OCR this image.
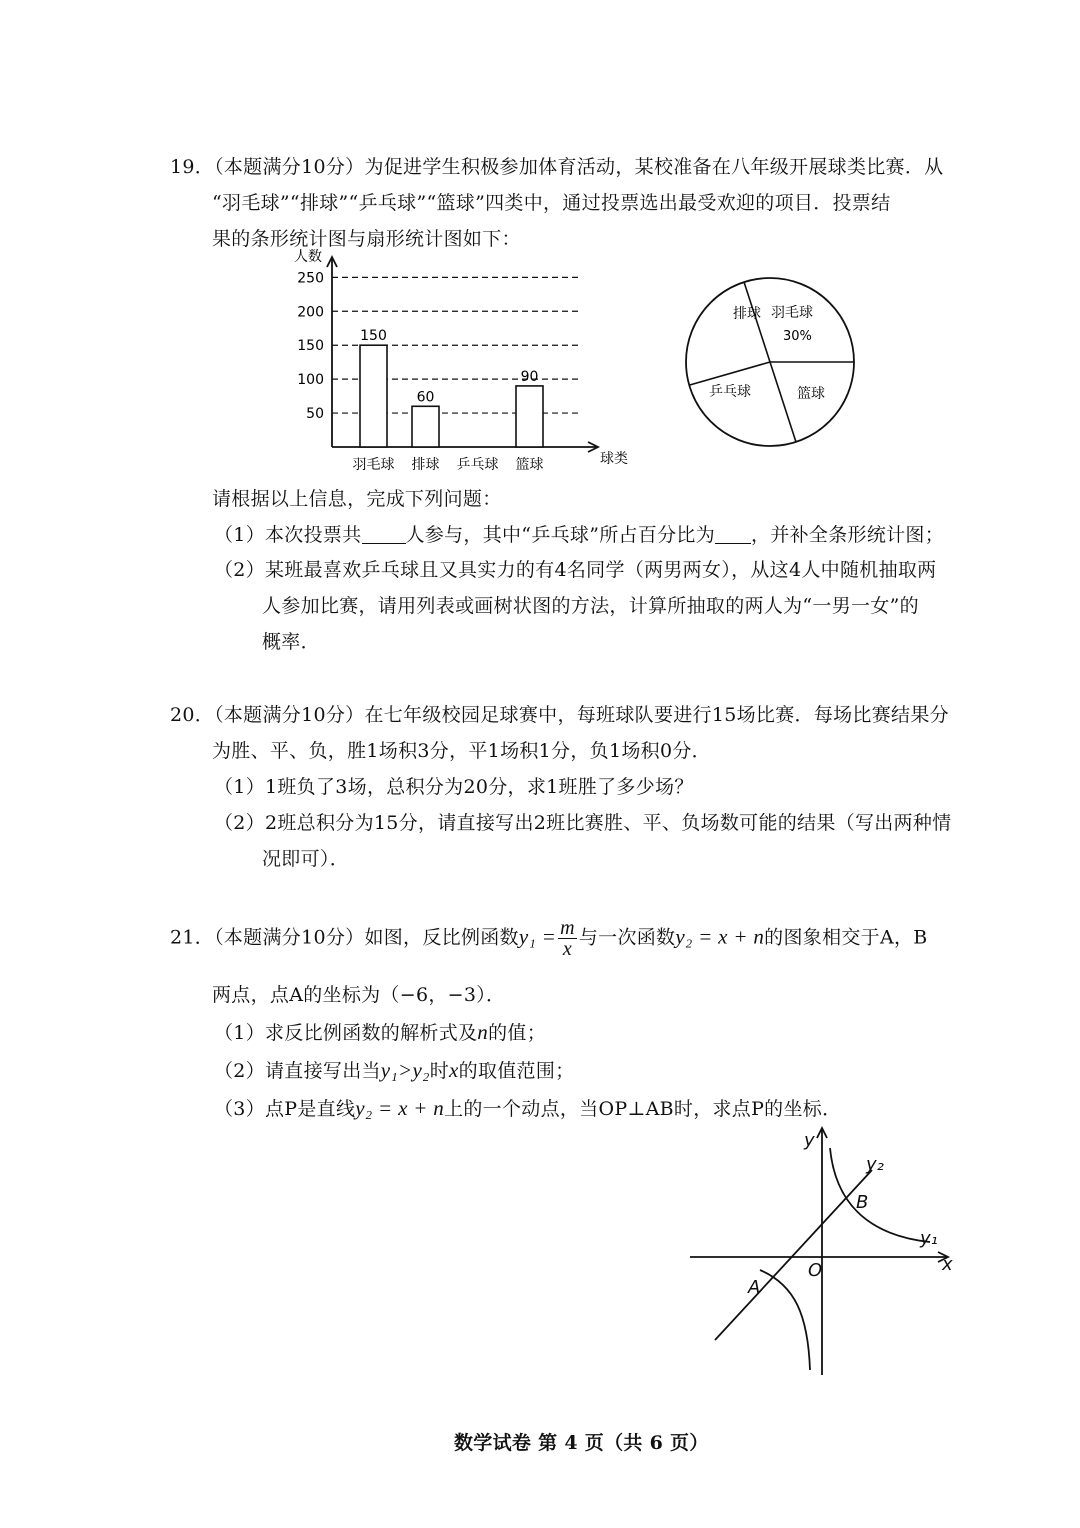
19．（本题满分10分）为促进学生积极参加体育活动，某校准备在八年级开展球类比赛．从
“羽毛球”“排球”“乒乓球”“篮球”四类中，通过投票选出最受欢迎的项目．投票结
果的条形统计图与扇形统计图如下：
人数
球类
50
100
150
200
250
150
羽毛球
60
排球 乒乓球
90
篮球
排球 羽毛球
30%
乒乓球	篮球
请根据以上信息，完成下列问题：
（1）本次投票共 人参与，其中“乒乓球”所占百分比为 ，并补全条形统计图；
（2）某班最喜欢乒乓球且又具实力的有4名同学（两男两女），从这4人中随机抽取两
人参加比赛，请用列表或画树状图的方法，计算所抽取的两人为“一男一女”的
概率．
20．（本题满分10分）在七年级校园足球赛中，每班球队要进行15场比赛．每场比赛结果分
为胜、平、负，胜1场积3分，平1场积1分，负1场积0分．
（1）1班负了3场，总积分为20分，求1班胜了多少场？
（2）2班总积分为15分，请直接写出2班比赛胜、平、负场数可能的结果（写出两种情
况即可）．
21．（本题满分10分）如图，反比例函数$y_1 = \frac{m}{x}$ 与一次函数y₂ = x + n的图象相交于A，B
两点，点A的坐标为（−6，−3）．
（1）求反比例函数的解析式及n的值；
（2）请直接写出当y₁>y₂时x的取值范围；
（3）点P是直线y₂ = x + n上的一个动点，当OP⊥AB时，求点P的坐标．
y
x
O
A
B
y₁
y₂
数学试卷 第 4 页（共 6 页）
